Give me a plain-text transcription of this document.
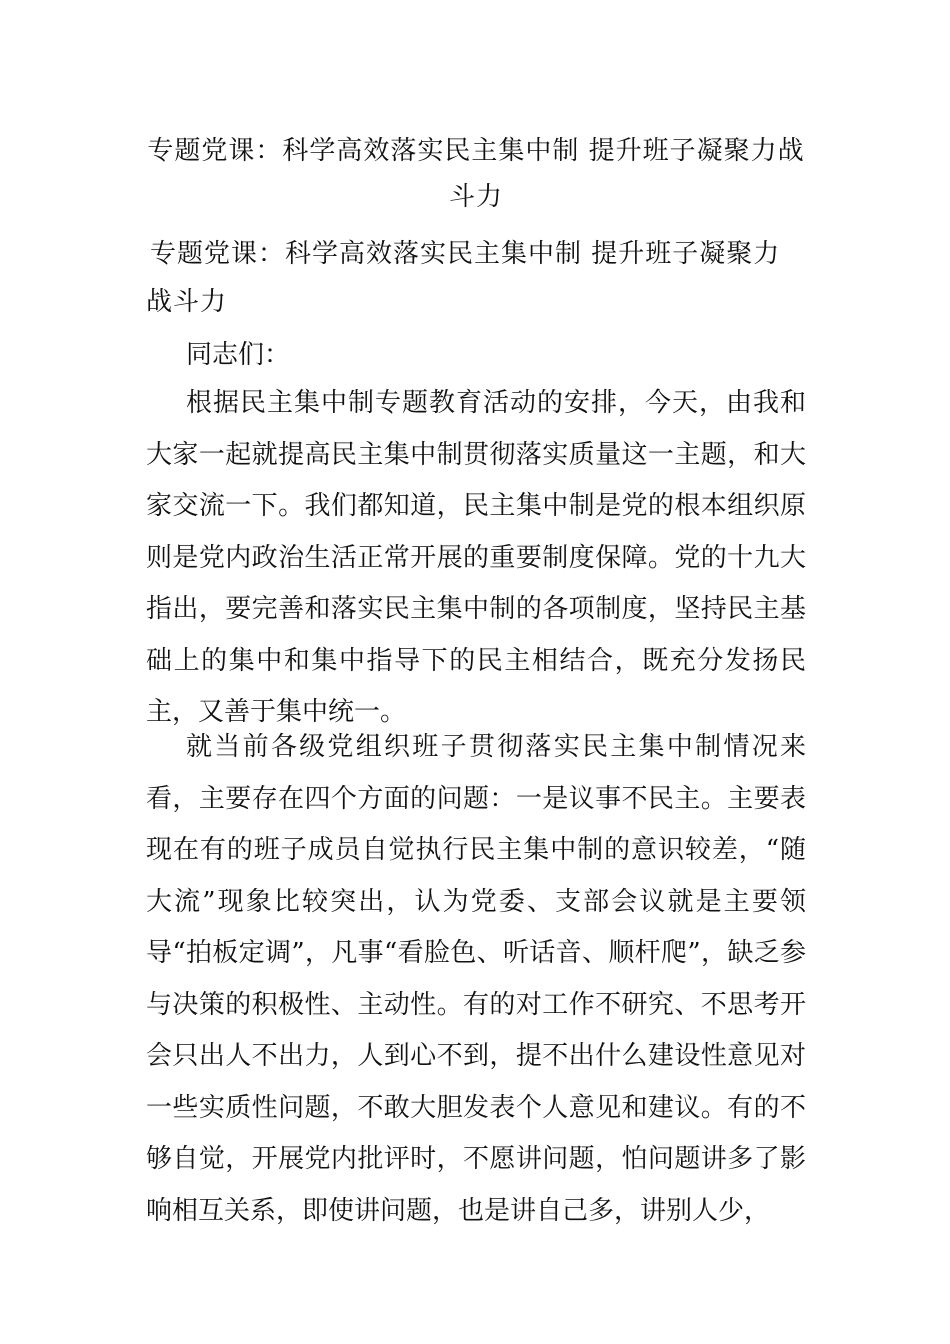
专题党课：科学高效落实民主集中制 提升班子凝聚力战斗力
专题党课：科学高效落实民主集中制 提升班子凝聚力战斗力
同志们：
根据民主集中制专题教育活动的安排，今天，由我和大家一起就提高民主集中制贯彻落实质量这一主题，和大家交流一下。我们都知道，民主集中制是党的根本组织原则是党内政治生活正常开展的重要制度保障。党的十九大指出，要完善和落实民主集中制的各项制度，坚持民主基础上的集中和集中指导下的民主相结合，既充分发扬民主，又善于集中统一。
就当前各级党组织班子贯彻落实民主集中制情况来看，主要存在四个方面的问题：一是议事不民主。主要表现在有的班子成员自觉执行民主集中制的意识较差，“随大流”现象比较突出，认为党委、支部会议就是主要领导“拍板定调”，凡事“看脸色、听话音、顺杆爬”，缺乏参与决策的积极性、主动性。有的对工作不研究、不思考开会只出人不出力，人到心不到，提不出什么建设性意见对一些实质性问题，不敢大胆发表个人意见和建议。有的不够自觉，开展党内批评时，不愿讲问题，怕问题讲多了影响相互关系，即使讲问题，也是讲自己多，讲别人少，
